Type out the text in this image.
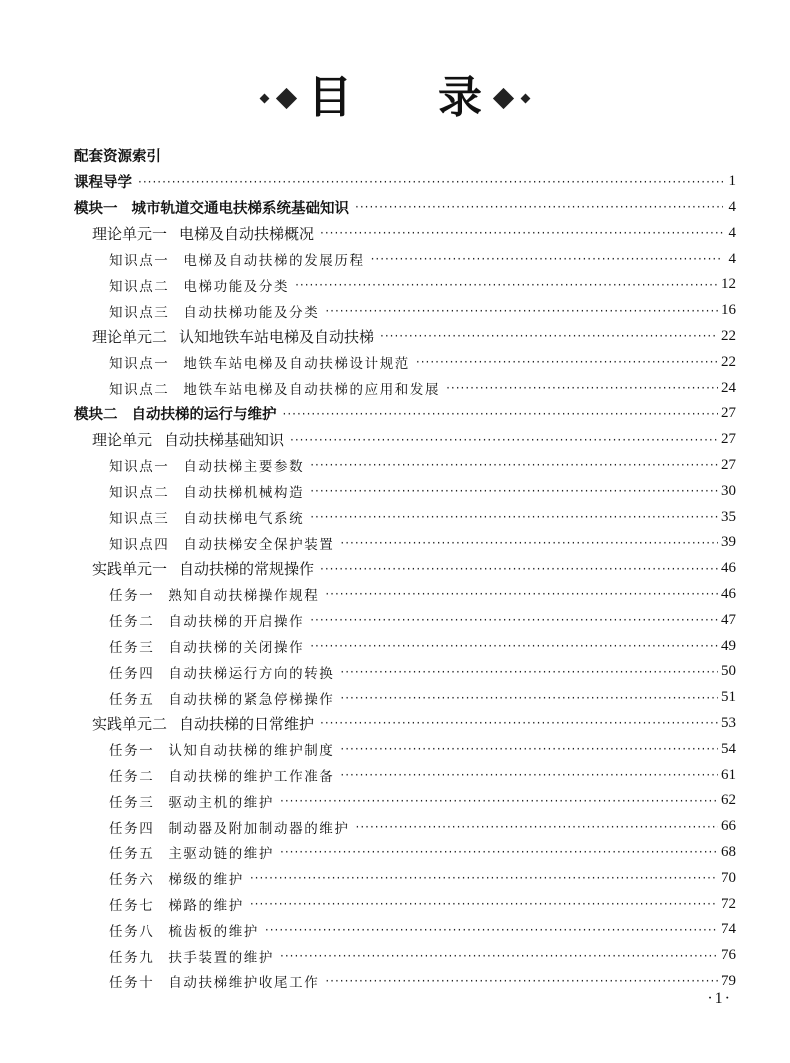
目 录
配套资源索引
课程导学 ·····	1
模块一 城市轨道交通电扶梯系统基础知识 ·····	4
理论单元一 电梯及自动扶梯概况 ·····	4
知识点一 电梯及自动扶梯的发展历程 ·····	4
知识点二 电梯功能及分类 ·····	12
知识点三 自动扶梯功能及分类 ·····	16
理论单元二 认知地铁车站电梯及自动扶梯 ·····	22
知识点一 地铁车站电梯及自动扶梯设计规范 ·····	22
知识点二 地铁车站电梯及自动扶梯的应用和发展 ·····	24
模块二 自动扶梯的运行与维护 ·····	27
理论单元 自动扶梯基础知识 ·····	27
知识点一 自动扶梯主要参数 ·····	27
知识点二 自动扶梯机械构造 ·····	30
知识点三 自动扶梯电气系统 ·····	35
知识点四 自动扶梯安全保护装置 ·····	39
实践单元一 自动扶梯的常规操作 ·····	46
任务一 熟知自动扶梯操作规程 ·····	46
任务二 自动扶梯的开启操作 ·····	47
任务三 自动扶梯的关闭操作 ·····	49
任务四 自动扶梯运行方向的转换 ·····	50
任务五 自动扶梯的紧急停梯操作 ·····	51
实践单元二 自动扶梯的日常维护 ·····	53
任务一 认知自动扶梯的维护制度 ·····	54
任务二 自动扶梯的维护工作准备 ·····	61
任务三 驱动主机的维护 ·····	62
任务四 制动器及附加制动器的维护 ·····	66
任务五 主驱动链的维护 ·····	68
任务六 梯级的维护 ·····	70
任务七 梯路的维护 ·····	72
任务八 梳齿板的维护 ·····	74
任务九 扶手装置的维护 ·····	76
任务十 自动扶梯维护收尾工作 ·····	79
·1·
